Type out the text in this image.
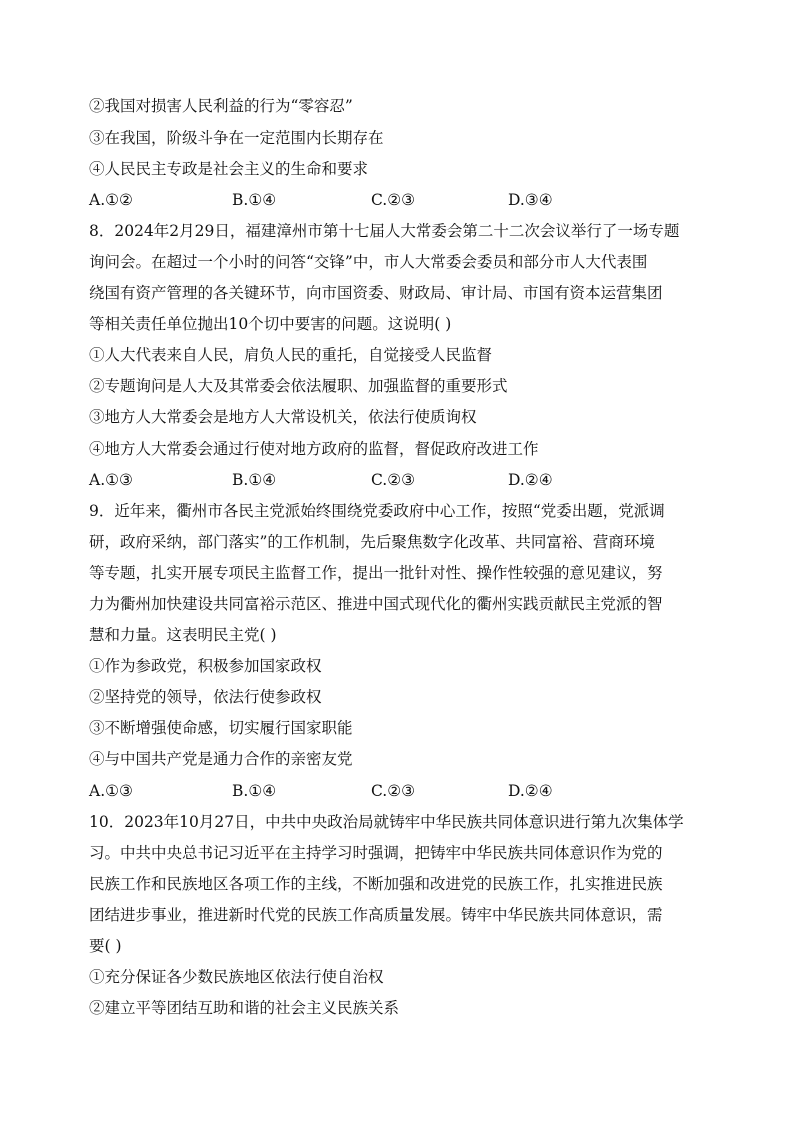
②我国对损害人民利益的行为“零容忍”
③在我国，阶级斗争在一定范围内长期存在
④人民民主专政是社会主义的生命和要求
A.①②	B.①④	C.②③	D.③④
8．2024年2月29日，福建漳州市第十七届人大常委会第二十二次会议举行了一场专题
询问会。在超过一个小时的问答“交锋”中，市人大常委会委员和部分市人大代表围
绕国有资产管理的各关键环节，向市国资委、财政局、审计局、市国有资本运营集团
等相关责任单位抛出10个切中要害的问题。这说明( )
①人大代表来自人民，肩负人民的重托，自觉接受人民监督
②专题询问是人大及其常委会依法履职、加强监督的重要形式
③地方人大常委会是地方人大常设机关，依法行使质询权
④地方人大常委会通过行使对地方政府的监督，督促政府改进工作
A.①③	B.①④	C.②③	D.②④
9．近年来，衢州市各民主党派始终围绕党委政府中心工作，按照“党委出题，党派调
研，政府采纳，部门落实”的工作机制，先后聚焦数字化改革、共同富裕、营商环境
等专题，扎实开展专项民主监督工作，提出一批针对性、操作性较强的意见建议，努
力为衢州加快建设共同富裕示范区、推进中国式现代化的衢州实践贡献民主党派的智
慧和力量。这表明民主党( )
①作为参政党，积极参加国家政权
②坚持党的领导，依法行使参政权
③不断增强使命感，切实履行国家职能
④与中国共产党是通力合作的亲密友党
A.①③	B.①④	C.②③	D.②④
10．2023年10月27日，中共中央政治局就铸牢中华民族共同体意识进行第九次集体学
习。中共中央总书记习近平在主持学习时强调，把铸牢中华民族共同体意识作为党的
民族工作和民族地区各项工作的主线，不断加强和改进党的民族工作，扎实推进民族
团结进步事业，推进新时代党的民族工作高质量发展。铸牢中华民族共同体意识，需
要( )
①充分保证各少数民族地区依法行使自治权
②建立平等团结互助和谐的社会主义民族关系
